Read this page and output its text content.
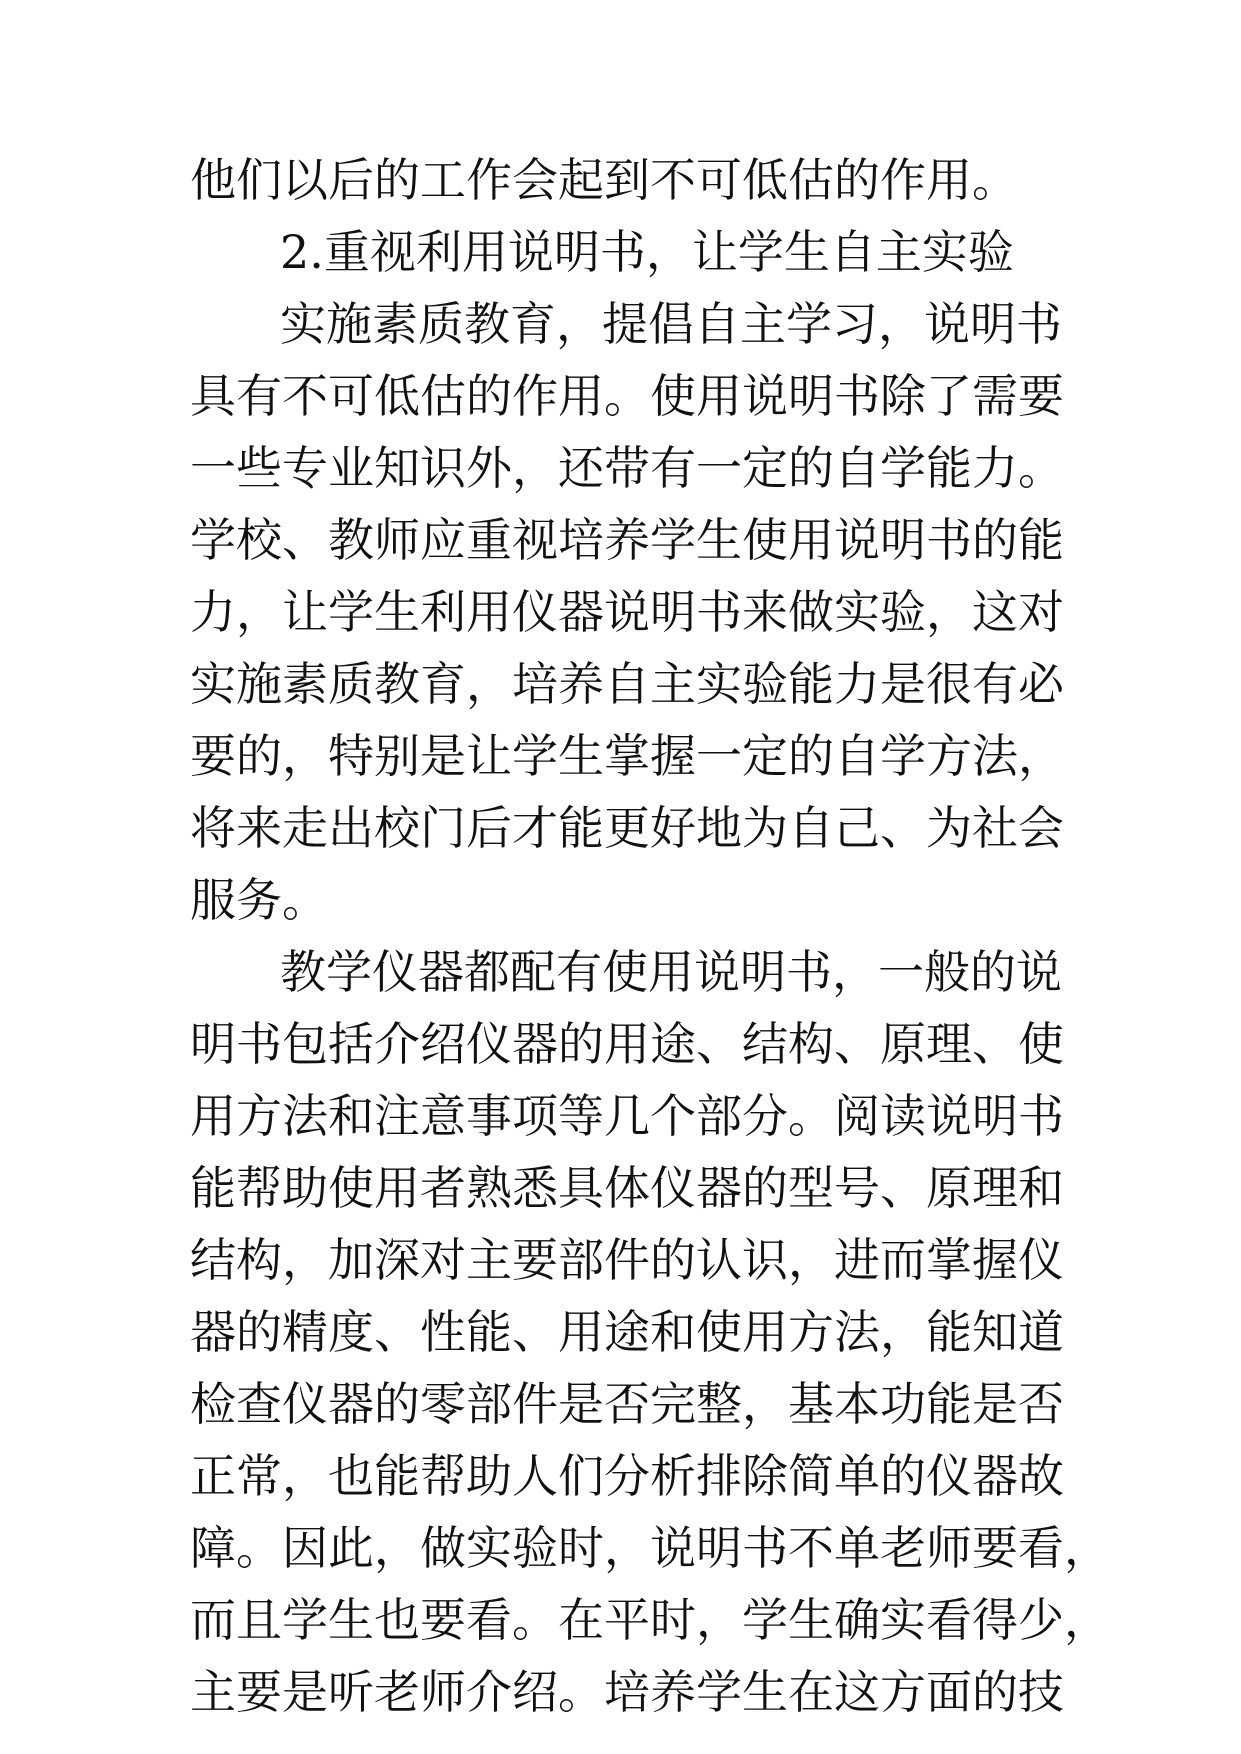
他们以后的工作会起到不可低估的作用。
2.重视利用说明书，让学生自主实验
实施素质教育，提倡自主学习，说明书
具有不可低估的作用。使用说明书除了需要
一些专业知识外，还带有一定的自学能力。
学校、教师应重视培养学生使用说明书的能
力，让学生利用仪器说明书来做实验，这对
实施素质教育，培养自主实验能力是很有必
要的，特别是让学生掌握一定的自学方法，
将来走出校门后才能更好地为自己、为社会
服务。
教学仪器都配有使用说明书，一般的说
明书包括介绍仪器的用途、结构、原理、使
用方法和注意事项等几个部分。阅读说明书
能帮助使用者熟悉具体仪器的型号、原理和
结构，加深对主要部件的认识，进而掌握仪
器的精度、性能、用途和使用方法，能知道
检查仪器的零部件是否完整，基本功能是否
正常，也能帮助人们分析排除简单的仪器故
障。因此，做实验时，说明书不单老师要看，
而且学生也要看。在平时，学生确实看得少，
主要是听老师介绍。培养学生在这方面的技
